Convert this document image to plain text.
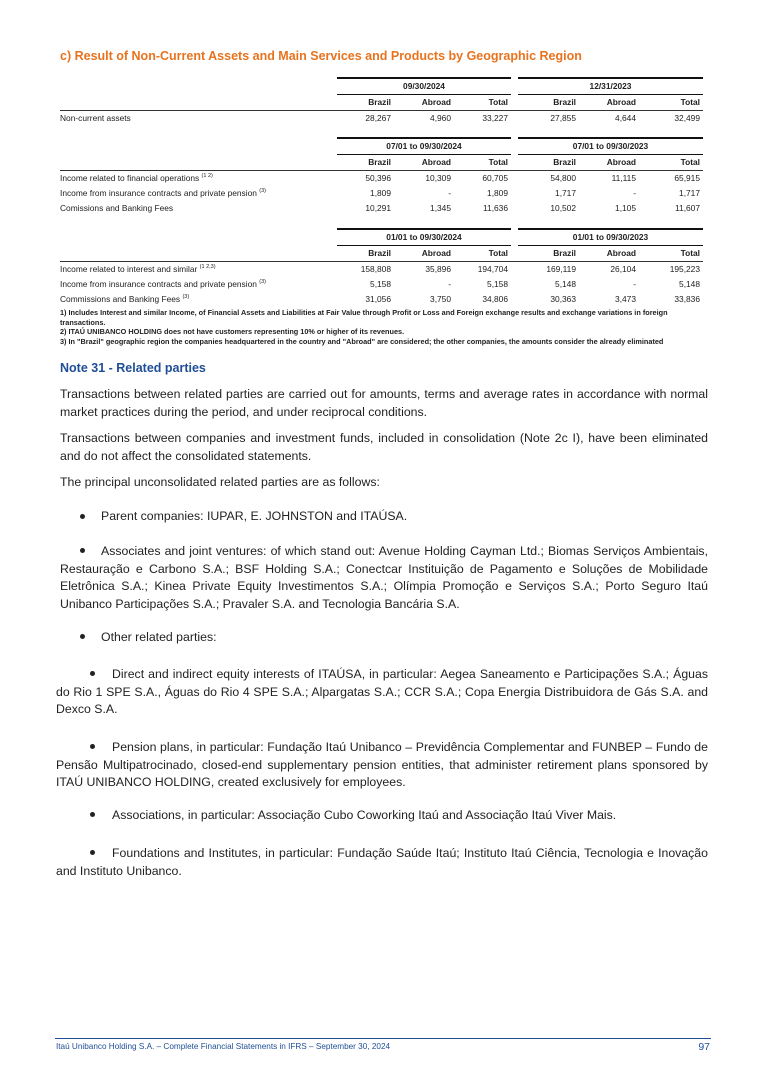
c) Result of Non-Current Assets and Main Services and Products by Geographic Region
	09/30/2024				12/31/2023		
	Brazil	Abroad	Total		Brazil	Abroad	Total
Non-current assets	28,267	4,960	33,227		27,855	4,644	32,499
	07/01 to 09/30/2024				07/01 to 09/30/2023		
	Brazil	Abroad	Total		Brazil	Abroad	Total
Income related to financial operations $^{(1 2)}$	50,396	10,309	60,705		54,800	11,115	65,915
Income from insurance contracts and private pension $^{(3)}$	1,809	-	1,809		1,717	-	1,717
Comissions and Banking Fees	10,291	1,345	11,636		10,502	1,105	11,607
	01/01 to 09/30/2024				01/01 to 09/30/2023		
	Brazil	Abroad	Total		Brazil	Abroad	Total
Income related to interest and similar $^{(1 2,3)}$	158,808	35,896	194,704		169,119	26,104	195,223
Income from insurance contracts and private pension $^{(3)}$	5,158	-	5,158		5,148	-	5,148
Commissions and Banking Fees $^{(3)}$	31,056	3,750	34,806		30,363	3,473	33,836
1) Includes Interest and similar Income, of Financial Assets and Liabilities at Fair Value through Profit or Loss and Foreign exchange results and exchange variations in foreign transactions.
2) ITAÚ UNIBANCO HOLDING does not have customers representing 10% or higher of its revenues.
3) In "Brazil" geographic region the companies headquartered in the country and "Abroad" are considered; the other companies, the amounts consider the already eliminated
Note 31 - Related parties
Transactions between related parties are carried out for amounts, terms and average rates in accordance with normal market practices during the period, and under reciprocal conditions.
Transactions between companies and investment funds, included in consolidation (Note 2c I), have been eliminated and do not affect the consolidated statements.
The principal unconsolidated related parties are as follows:
Parent companies: IUPAR, E. JOHNSTON and ITAÚSA.
Associates and joint ventures: of which stand out: Avenue Holding Cayman Ltd.; Biomas Serviços Ambientais, Restauração e Carbono S.A.; BSF Holding S.A.; Conectcar Instituição de Pagamento e Soluções de Mobilidade Eletrônica S.A.; Kinea Private Equity Investimentos S.A.; Olímpia Promoção e Serviços S.A.; Porto Seguro Itaú Unibanco Participações S.A.; Pravaler S.A. and Tecnologia Bancária S.A.
Other related parties:
Direct and indirect equity interests of ITAÚSA, in particular: Aegea Saneamento e Participações S.A.; Águas do Rio 1 SPE S.A., Águas do Rio 4 SPE S.A.; Alpargatas S.A.; CCR S.A.; Copa Energia Distribuidora de Gás S.A. and Dexco S.A.
Pension plans, in particular: Fundação Itaú Unibanco – Previdência Complementar and FUNBEP – Fundo de Pensão Multipatrocinado, closed-end supplementary pension entities, that administer retirement plans sponsored by ITAÚ UNIBANCO HOLDING, created exclusively for employees.
Associations, in particular: Associação Cubo Coworking Itaú and Associação Itaú Viver Mais.
Foundations and Institutes, in particular: Fundação Saúde Itaú; Instituto Itaú Ciência, Tecnologia e Inovação and Instituto Unibanco.
Itaú Unibanco Holding S.A. – Complete Financial Statements in IFRS – September 30, 2024	97
